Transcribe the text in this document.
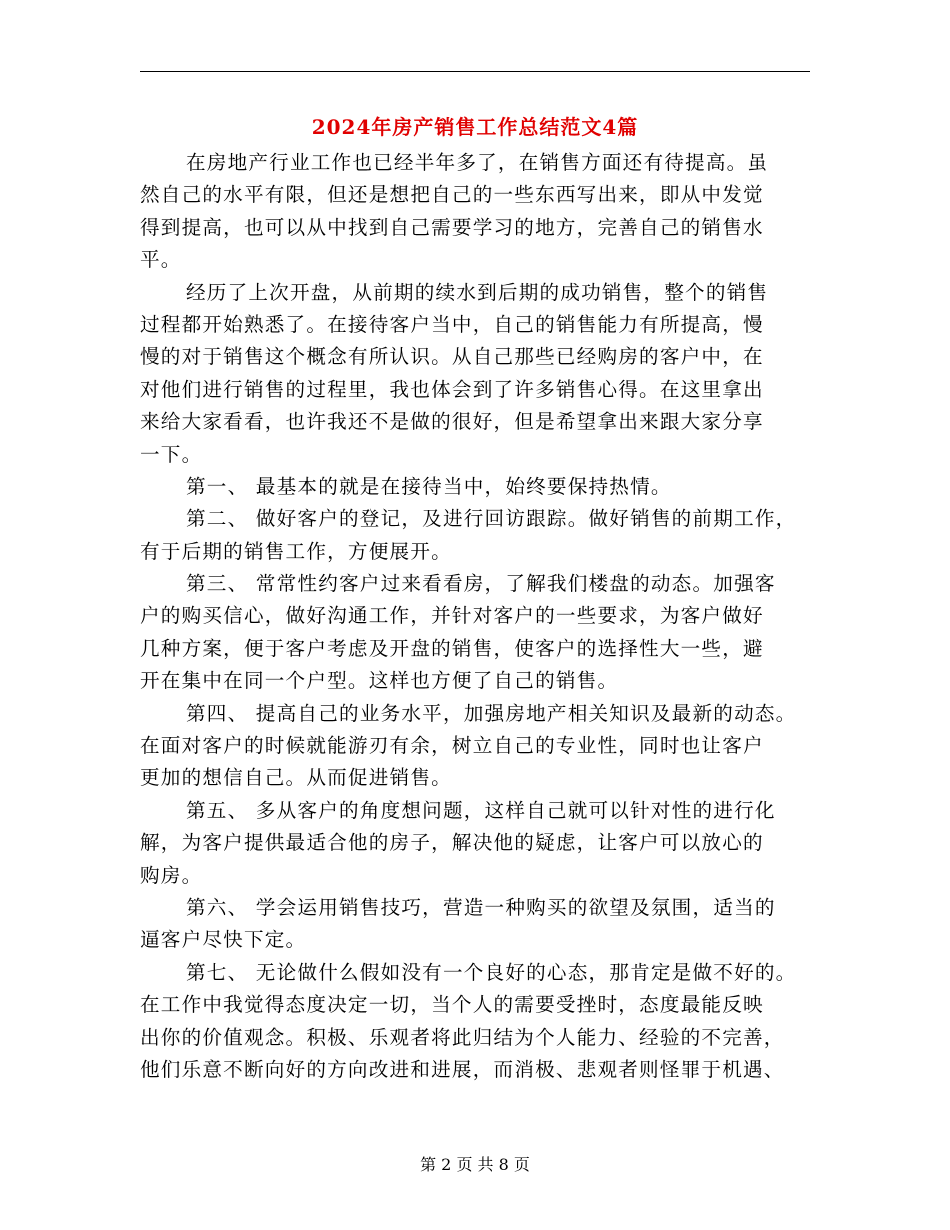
2024年房产销售工作总结范文4篇
在房地产行业工作也已经半年多了，在销售方面还有待提高。虽
然自己的水平有限，但还是想把自己的一些东西写出来，即从中发觉
得到提高，也可以从中找到自己需要学习的地方，完善自己的销售水
平。
经历了上次开盘，从前期的续水到后期的成功销售，整个的销售
过程都开始熟悉了。在接待客户当中，自己的销售能力有所提高，慢
慢的对于销售这个概念有所认识。从自己那些已经购房的客户中，在
对他们进行销售的过程里，我也体会到了许多销售心得。在这里拿出
来给大家看看，也许我还不是做的很好，但是希望拿出来跟大家分享
一下。
第一、 最基本的就是在接待当中，始终要保持热情。
第二、 做好客户的登记，及进行回访跟踪。做好销售的前期工作，
有于后期的销售工作，方便展开。
第三、 常常性约客户过来看看房，了解我们楼盘的动态。加强客
户的购买信心，做好沟通工作，并针对客户的一些要求，为客户做好
几种方案，便于客户考虑及开盘的销售，使客户的选择性大一些，避
开在集中在同一个户型。这样也方便了自己的销售。
第四、 提高自己的业务水平，加强房地产相关知识及最新的动态。
在面对客户的时候就能游刃有余，树立自己的专业性，同时也让客户
更加的想信自己。从而促进销售。
第五、 多从客户的角度想问题，这样自己就可以针对性的进行化
解，为客户提供最适合他的房子，解决他的疑虑，让客户可以放心的
购房。
第六、 学会运用销售技巧，营造一种购买的欲望及氛围，适当的
逼客户尽快下定。
第七、 无论做什么假如没有一个良好的心态，那肯定是做不好的。
在工作中我觉得态度决定一切，当个人的需要受挫时，态度最能反映
出你的价值观念。积极、乐观者将此归结为个人能力、经验的不完善，
他们乐意不断向好的方向改进和进展，而消极、悲观者则怪罪于机遇、
第 2 页 共 8 页
